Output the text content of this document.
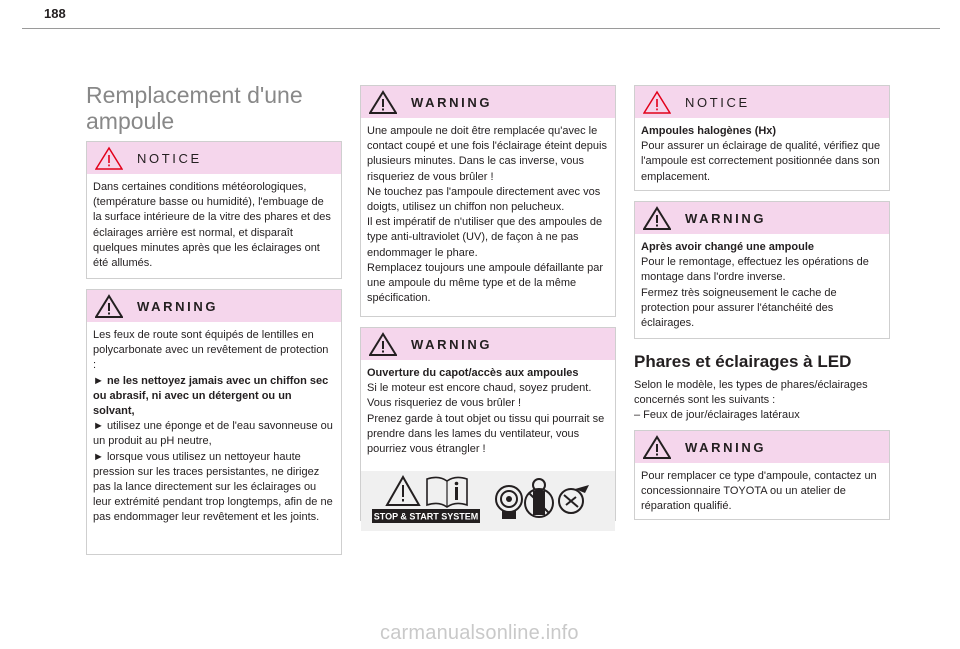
188
Remplacement d'une ampoule
NOTICE

Dans certaines conditions météorologiques, (température basse ou humidité), l'embuage de la surface intérieure de la vitre des phares et des éclairages arrière est normal, et disparaît quelques minutes après que les éclairages ont été allumés.

WARNING

Les feux de route sont équipés de lentilles en polycarbonate avec un revêtement de protection :

► ne les nettoyez jamais avec un chiffon sec ou abrasif, ni avec un détergent ou un solvant,

► utilisez une éponge et de l'eau savonneuse ou un produit au pH neutre,

► lorsque vous utilisez un nettoyeur haute pression sur les traces persistantes, ne dirigez pas la lance directement sur les éclairages ou leur extrémité pendant trop longtemps, afin de ne pas endommager leur revêtement et les joints.

WARNING

Une ampoule ne doit être remplacée qu'avec le contact coupé et une fois l'éclairage éteint depuis plusieurs minutes. Dans le cas inverse, vous risqueriez de vous brûler !

Ne touchez pas l'ampoule directement avec vos doigts, utilisez un chiffon non pelucheux.

Il est impératif de n'utiliser que des ampoules de type anti-ultraviolet (UV), de façon à ne pas endommager le phare.

Remplacez toujours une ampoule défaillante par une ampoule du même type et de la même spécification.

WARNING

Ouverture du capot/accès aux ampoules

Si le moteur est encore chaud, soyez prudent. Vous risqueriez de vous brûler !

Prenez garde à tout objet ou tissu qui pourrait se prendre dans les lames du ventilateur, vous pourriez vous étrangler !

STOP & START SYSTEM
NOTICE

Ampoules halogènes (Hx)

Pour assurer un éclairage de qualité, vérifiez que l'ampoule est correctement positionnée dans son emplacement.

WARNING

Après avoir changé une ampoule

Pour le remontage, effectuez les opérations de montage dans l'ordre inverse.

Fermez très soigneusement le cache de protection pour assurer l'étanchéité des éclairages.

Phares et éclairages à LED

Selon le modèle, les types de phares/éclairages concernés sont les suivants :

– Feux de jour/éclairages latéraux

WARNING

Pour remplacer ce type d'ampoule, contactez un concessionnaire TOYOTA ou un atelier de réparation qualifié.

carmanualsonline.info
